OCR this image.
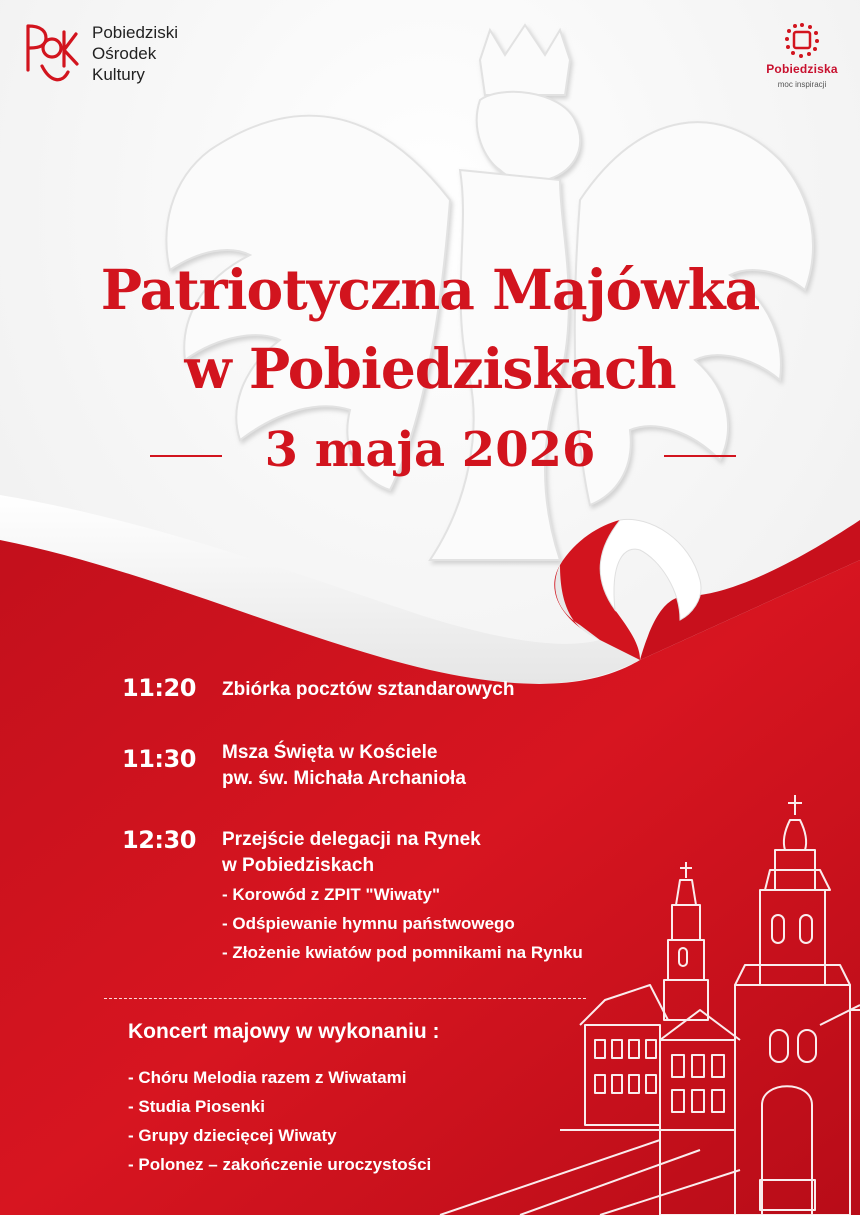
Pobiedziski
Ośrodek
Kultury	Pobiedziska
moc inspiracji
Patriotyczna Majówka
w Pobiedziskach
3 maja 2026
11:20 Zbiórka pocztów sztandarowych
11:30 Msza Święta w Kościele
pw. św. Michała Archanioła
12:30 Przejście delegacji na Rynek
w Pobiedziskach
- Korowód z ZPIT "Wiwaty"
- Odśpiewanie hymnu państwowego
- Złożenie kwiatów pod pomnikami na Rynku
Koncert majowy w wykonaniu :
- Chóru Melodia razem z Wiwatami
- Studia Piosenki
- Grupy dziecięcej Wiwaty
- Polonez – zakończenie uroczystości
